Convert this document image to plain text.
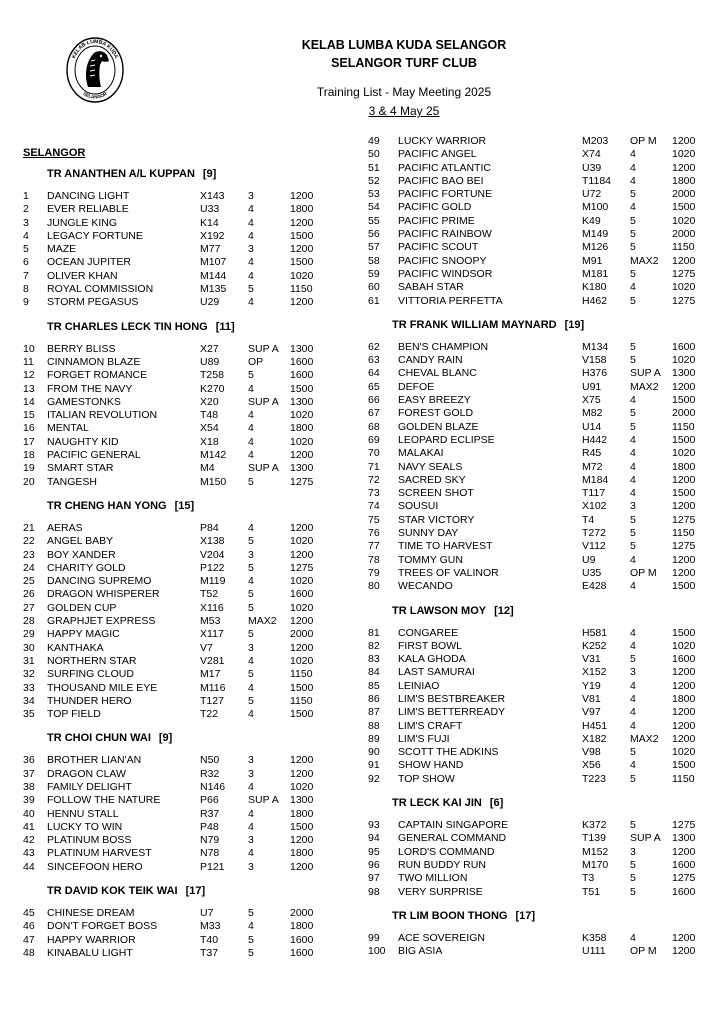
KELAB LUMBA KUDA
SELANGOR
KELAB LUMBA KUDA SELANGOR
SELANGOR TURF CLUB
Training List - May Meeting 2025
3 & 4 May 25
SELANGOR
TR ANANTHEN A/L KUPPAN [9]
1	DANCING LIGHT	X143	3	1200
2	EVER RELIABLE	U33	4	1800
3	JUNGLE KING	K14	4	1200
4	LEGACY FORTUNE	X192	4	1500
5	MAZE	M77	3	1200
6	OCEAN JUPITER	M107	4	1500
7	OLIVER KHAN	M144	4	1020
8	ROYAL COMMISSION	M135	5	1150
9	STORM PEGASUS	U29	4	1200
TR CHARLES LECK TIN HONG [11]
10	BERRY BLISS	X27	SUP A	1300
11	CINNAMON BLAZE	U89	OP	1600
12	FORGET ROMANCE	T258	5	1600
13	FROM THE NAVY	K270	4	1500
14	GAMESTONKS	X20	SUP A	1300
15	ITALIAN REVOLUTION	T48	4	1020
16	MENTAL	X54	4	1800
17	NAUGHTY KID	X18	4	1020
18	PACIFIC GENERAL	M142	4	1200
19	SMART STAR	M4	SUP A	1300
20	TANGESH	M150	5	1275
TR CHENG HAN YONG [15]
21	AERAS	P84	4	1200
22	ANGEL BABY	X138	5	1020
23	BOY XANDER	V204	3	1200
24	CHARITY GOLD	P122	5	1275
25	DANCING SUPREMO	M119	4	1020
26	DRAGON WHISPERER	T52	5	1600
27	GOLDEN CUP	X116	5	1020
28	GRAPHJET EXPRESS	M53	MAX2	1200
29	HAPPY MAGIC	X117	5	2000
30	KANTHAKA	V7	3	1200
31	NORTHERN STAR	V281	4	1020
32	SURFING CLOUD	M17	5	1150
33	THOUSAND MILE EYE	M116	4	1500
34	THUNDER HERO	T127	5	1150
35	TOP FIELD	T22	4	1500
TR CHOI CHUN WAI [9]
36	BROTHER LIAN'AN	N50	3	1200
37	DRAGON CLAW	R32	3	1200
38	FAMILY DELIGHT	N146	4	1020
39	FOLLOW THE NATURE	P66	SUP A	1300
40	HENNU STALL	R37	4	1800
41	LUCKY TO WIN	P48	4	1500
42	PLATINUM BOSS	N79	3	1200
43	PLATINUM HARVEST	N78	4	1800
44	SINCEFOON HERO	P121	3	1200
TR DAVID KOK TEIK WAI [17]
45	CHINESE DREAM	U7	5	2000
46	DON'T FORGET BOSS	M33	4	1800
47	HAPPY WARRIOR	T40	5	1600
48	KINABALU LIGHT	T37	5	1600
49	LUCKY WARRIOR	M203	OP M	1200
50	PACIFIC ANGEL	X74	4	1020
51	PACIFIC ATLANTIC	U39	4	1200
52	PACIFIC BAO BEI	T1184	4	1800
53	PACIFIC FORTUNE	U72	5	2000
54	PACIFIC GOLD	M100	4	1500
55	PACIFIC PRIME	K49	5	1020
56	PACIFIC RAINBOW	M149	5	2000
57	PACIFIC SCOUT	M126	5	1150
58	PACIFIC SNOOPY	M91	MAX2	1200
59	PACIFIC WINDSOR	M181	5	1275
60	SABAH STAR	K180	4	1020
61	VITTORIA PERFETTA	H462	5	1275
TR FRANK WILLIAM MAYNARD [19]
62	BEN'S CHAMPION	M134	5	1600
63	CANDY RAIN	V158	5	1020
64	CHEVAL BLANC	H376	SUP A	1300
65	DEFOE	U91	MAX2	1200
66	EASY BREEZY	X75	4	1500
67	FOREST GOLD	M82	5	2000
68	GOLDEN BLAZE	U14	5	1150
69	LEOPARD ECLIPSE	H442	4	1500
70	MALAKAI	R45	4	1020
71	NAVY SEALS	M72	4	1800
72	SACRED SKY	M184	4	1200
73	SCREEN SHOT	T117	4	1500
74	SOUSUI	X102	3	1200
75	STAR VICTORY	T4	5	1275
76	SUNNY DAY	T272	5	1150
77	TIME TO HARVEST	V112	5	1275
78	TOMMY GUN	U9	4	1200
79	TREES OF VALINOR	U35	OP M	1200
80	WECANDO	E428	4	1500
TR LAWSON MOY [12]
81	CONGAREE	H581	4	1500
82	FIRST BOWL	K252	4	1020
83	KALA GHODA	V31	5	1600
84	LAST SAMURAI	X152	3	1200
85	LEINIAO	Y19	4	1200
86	LIM'S BESTBREAKER	V81	4	1800
87	LIM'S BETTERREADY	V97	4	1200
88	LIM'S CRAFT	H451	4	1200
89	LIM'S FUJI	X182	MAX2	1200
90	SCOTT THE ADKINS	V98	5	1020
91	SHOW HAND	X56	4	1500
92	TOP SHOW	T223	5	1150
TR LECK KAI JIN [6]
93	CAPTAIN SINGAPORE	K372	5	1275
94	GENERAL COMMAND	T139	SUP A	1300
95	LORD'S COMMAND	M152	3	1200
96	RUN BUDDY RUN	M170	5	1600
97	TWO MILLION	T3	5	1275
98	VERY SURPRISE	T51	5	1600
TR LIM BOON THONG [17]
99	ACE SOVEREIGN	K358	4	1200
100	BIG ASIA	U111	OP M	1200
